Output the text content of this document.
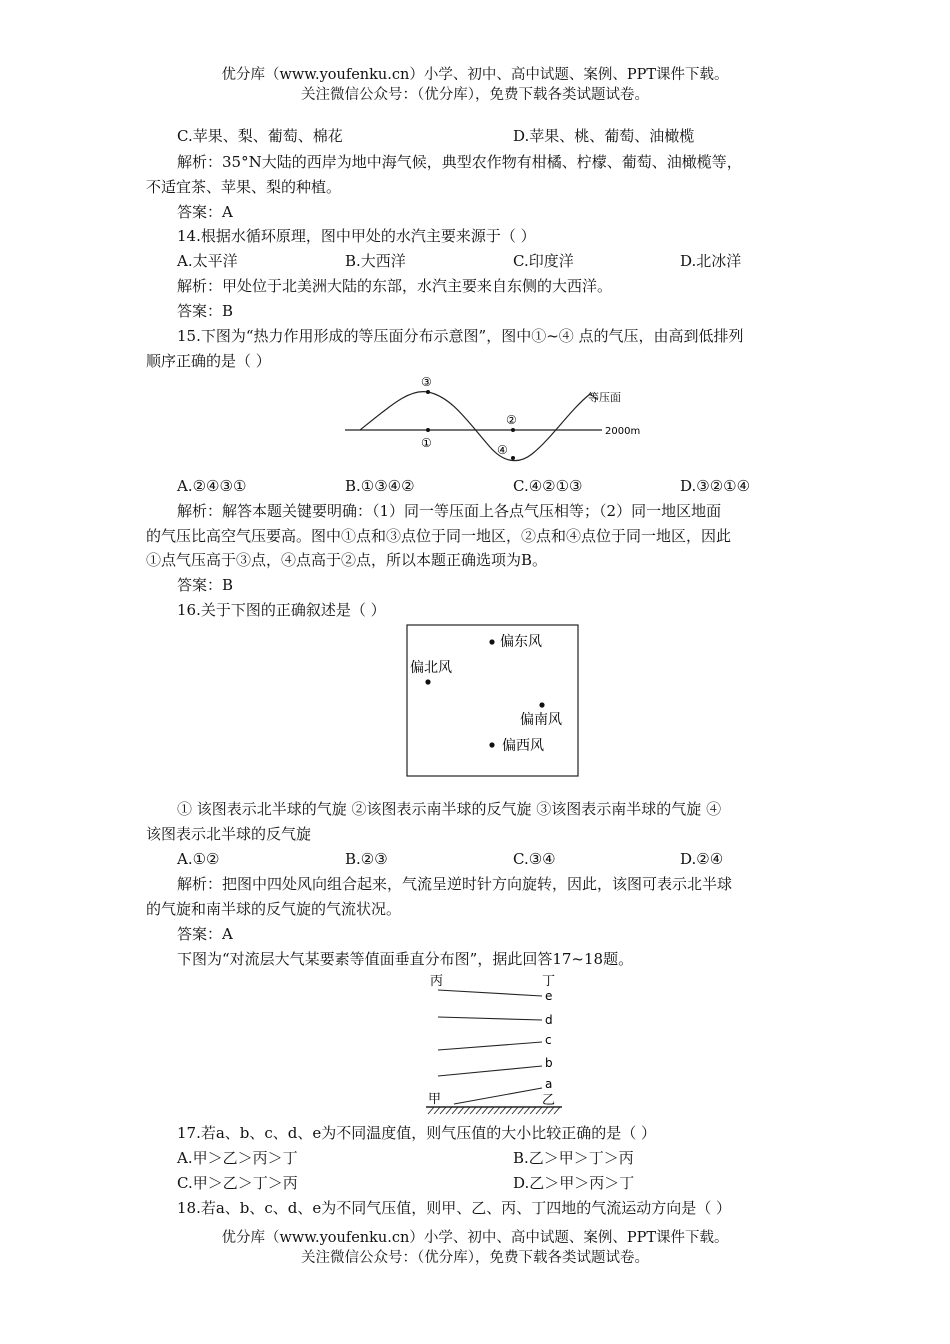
优分库（www.youfenku.cn）小学、初中、高中试题、案例、PPT课件下载。
关注微信公众号：（优分库），免费下载各类试题试卷。
C.苹果、梨、葡萄、棉花	D.苹果、桃、葡萄、油橄榄
解析：35°N大陆的西岸为地中海气候，典型农作物有柑橘、柠檬、葡萄、油橄榄等，
不适宜茶、苹果、梨的种植。
答案：A
14.根据水循环原理，图中甲处的水汽主要来源于（ ）
A.太平洋	B.大西洋	C.印度洋	D.北冰洋
解析：甲处位于北美洲大陆的东部，水汽主要来自东侧的大西洋。
答案：B
15.下图为“热力作用形成的等压面分布示意图”，图中①~④ 点的气压，由高到低排列
顺序正确的是（ ）
等压面
2000m
③
①
②
④
A.②④③①	B.①③④②	C.④②①③	D.③②①④
解析：解答本题关键要明确：（1）同一等压面上各点气压相等；（2）同一地区地面
的气压比高空气压要高。图中①点和③点位于同一地区，②点和④点位于同一地区，因此
①点气压高于③点，④点高于②点，所以本题正确选项为B。
答案：B
16.关于下图的正确叙述是（ ）
偏东风
偏北风
偏南风
偏西风
① 该图表示北半球的气旋 ②该图表示南半球的反气旋 ③该图表示南半球的气旋 ④
该图表示北半球的反气旋
A.①②	B.②③	C.③④	D.②④
解析：把图中四处风向组合起来，气流呈逆时针方向旋转，因此，该图可表示北半球
的气旋和南半球的反气旋的气流状况。
答案：A
下图为“对流层大气某要素等值面垂直分布图”，据此回答17~18题。
丙	丁
e
d
c
b
a
甲	乙
17.若a、b、c、d、e为不同温度值，则气压值的大小比较正确的是（ ）
A.甲＞乙＞丙＞丁	B.乙＞甲＞丁＞丙
C.甲＞乙＞丁＞丙	D.乙＞甲＞丙＞丁
18.若a、b、c、d、e为不同气压值，则甲、乙、丙、丁四地的气流运动方向是（ ）
优分库（www.youfenku.cn）小学、初中、高中试题、案例、PPT课件下载。
关注微信公众号：（优分库），免费下载各类试题试卷。
